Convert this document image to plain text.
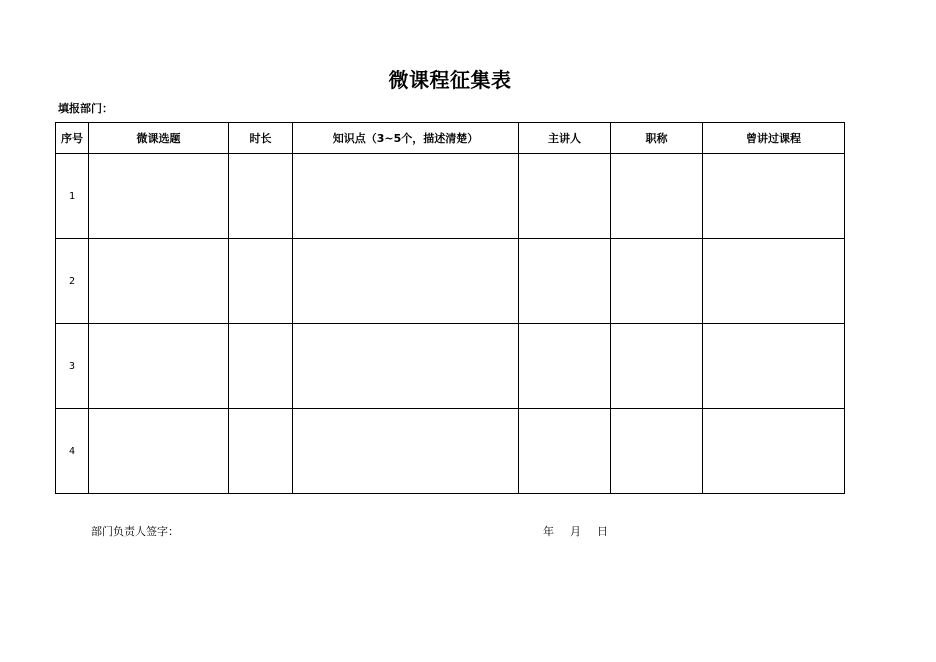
微课程征集表
填报部门：
序号	微课选题	时长	知识点（3~5个，描述清楚）	主讲人	职称	曾讲过课程
1						
2						
3						
4						
部门负责人签字：	年 月 日
